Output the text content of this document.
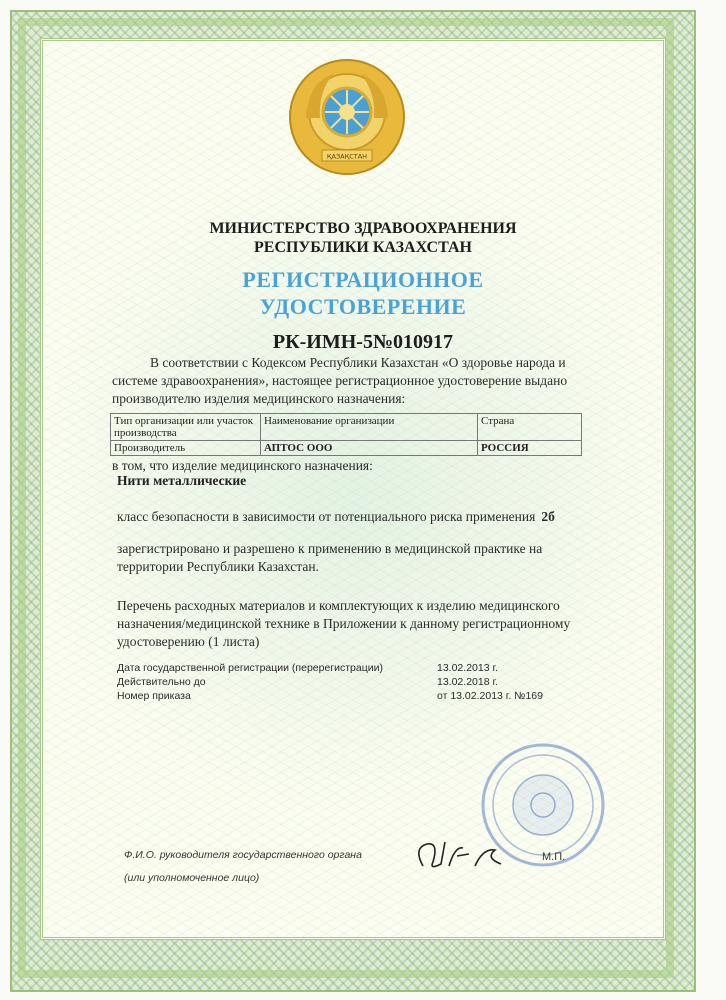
ҚАЗАҚСТАН
МИНИСТЕРСТВО ЗДРАВООХРАНЕНИЯ
РЕСПУБЛИКИ КАЗАХСТАН
РЕГИСТРАЦИОННОЕ
УДОСТОВЕРЕНИЕ
РК-ИМН-5№010917
В соответствии с Кодексом Республики Казахстан «О здоровье народа и системе здравоохранения», настоящее регистрационное удостоверение выдано производителю изделия медицинского назначения:
Тип организации или участок производства	Наименование организации	Страна
Производитель	АПТОС ООО	РОССИЯ
в том, что изделие медицинского назначения:
Нити металлические
класс безопасности в зависимости от потенциального риска применения 2б
зарегистрировано и разрешено к применению в медицинской практике на территории Республики Казахстан.
Перечень расходных материалов и комплектующих к изделию медицинского назначения/медицинской технике в Приложении к данному регистрационному удостоверению (1 листа)
Дата государственной регистрации (перерегистрации)	13.02.2013 г.
Действительно до	13.02.2018 г.
Номер приказа	от 13.02.2013 г. №169
Ф.И.О. руководителя государственного органа
(или уполномоченное лицо)
М.П.
